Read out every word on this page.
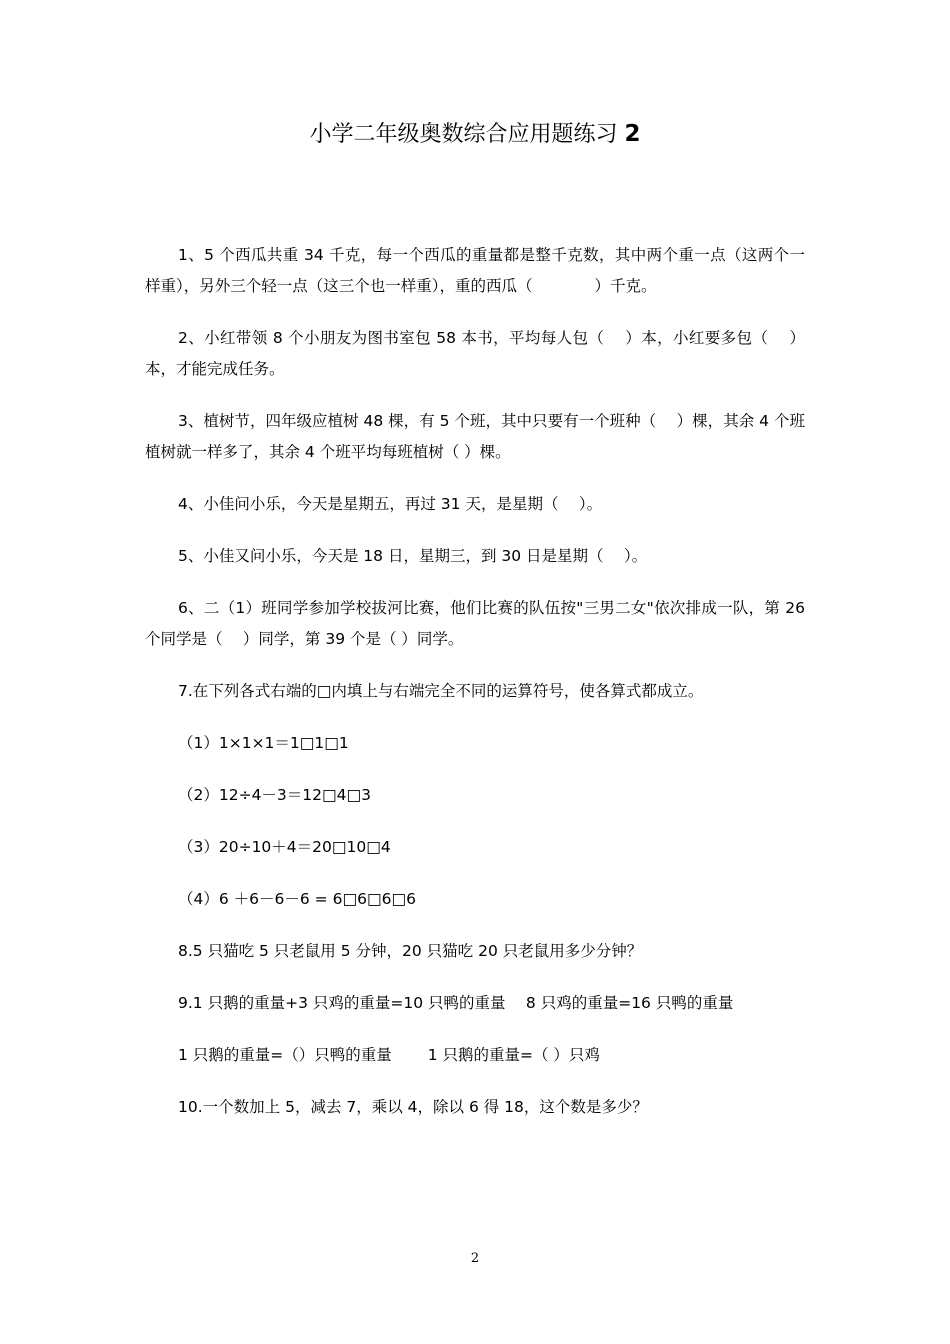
小学二年级奥数综合应用题练习 2

1、5 个西瓜共重 34 千克，每一个西瓜的重量都是整千克数，其中两个重一点（这两个一样重），另外三个轻一点（这三个也一样重），重的西瓜（　　　　）千克。

2、小红带领 8 个小朋友为图书室包 58 本书，平均每人包（　 ）本，小红要多包（　 ）本，才能完成任务。

3、植树节，四年级应植树 48 棵，有 5 个班，其中只要有一个班种（　 ）棵，其余 4 个班植树就一样多了，其余 4 个班平均每班植树（ ）棵。

4、小佳问小乐，今天是星期五，再过 31 天，是星期（　 ）。

5、小佳又问小乐，今天是 18 日，星期三，到 30 日是星期（　 ）。

6、二（1）班同学参加学校拔河比赛，他们比赛的队伍按"三男二女"依次排成一队，第 26 个同学是（　 ）同学，第 39 个是（ ）同学。

7.在下列各式右端的□内填上与右端完全不同的运算符号，使各算式都成立。

（1）1×1×1＝1□1□1

（2）12÷4－3＝12□4□3

（3）20÷10＋4＝20□10□4

（4）6 ＋6－6－6 = 6□6□6□6

8.5 只猫吃 5 只老鼠用 5 分钟，20 只猫吃 20 只老鼠用多少分钟？

9.1 只鹅的重量+3 只鸡的重量=10 只鸭的重量　 8 只鸡的重量=16 只鸭的重量

1 只鹅的重量=（）只鸭的重量　　 1 只鹅的重量=（ ）只鸡

10.一个数加上 5，减去 7，乘以 4，除以 6 得 18，这个数是多少？

2
